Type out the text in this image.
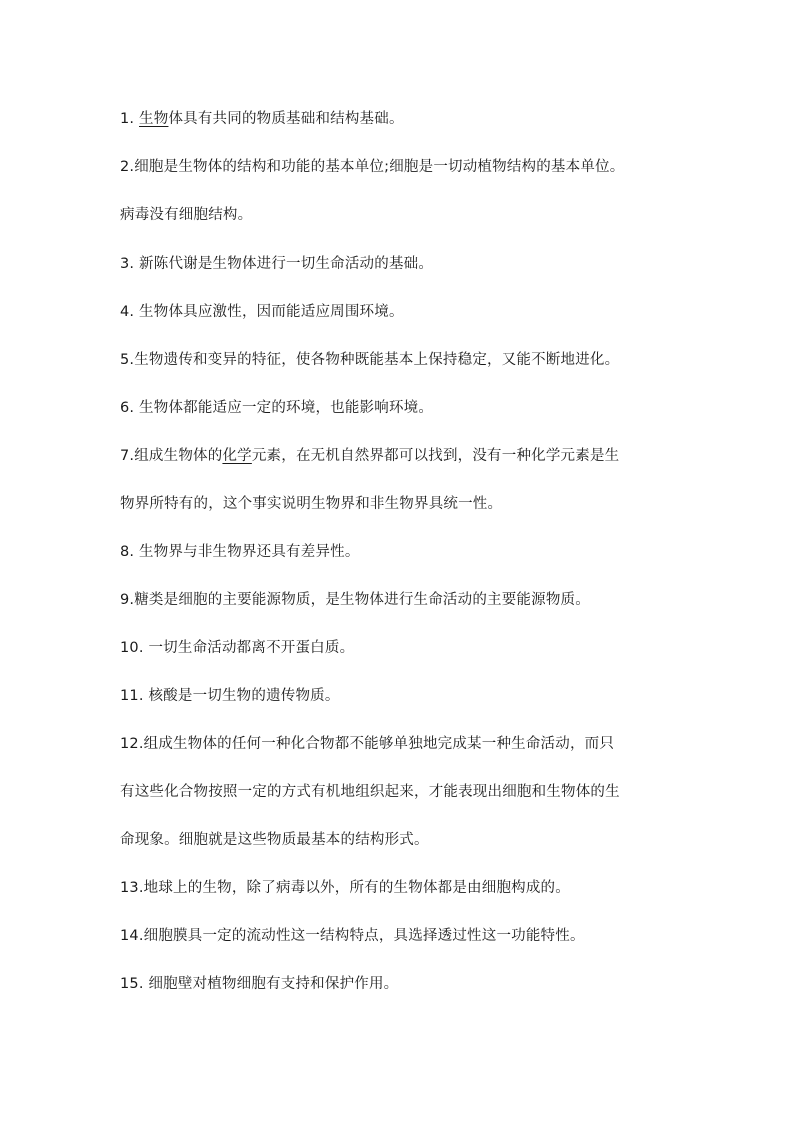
1. 生物体具有共同的物质基础和结构基础。
2.细胞是生物体的结构和功能的基本单位;细胞是一切动植物结构的基本单位。
病毒没有细胞结构。
3. 新陈代谢是生物体进行一切生命活动的基础。
4. 生物体具应激性，因而能适应周围环境。
5.生物遗传和变异的特征，使各物种既能基本上保持稳定，又能不断地进化。
6. 生物体都能适应一定的环境，也能影响环境。
7.组成生物体的化学元素，在无机自然界都可以找到，没有一种化学元素是生
物界所特有的，这个事实说明生物界和非生物界具统一性。
8. 生物界与非生物界还具有差异性。
9.糖类是细胞的主要能源物质，是生物体进行生命活动的主要能源物质。
10. 一切生命活动都离不开蛋白质。
11. 核酸是一切生物的遗传物质。
12.组成生物体的任何一种化合物都不能够单独地完成某一种生命活动，而只
有这些化合物按照一定的方式有机地组织起来，才能表现出细胞和生物体的生
命现象。细胞就是这些物质最基本的结构形式。
13.地球上的生物，除了病毒以外，所有的生物体都是由细胞构成的。
14.细胞膜具一定的流动性这一结构特点，具选择透过性这一功能特性。
15. 细胞壁对植物细胞有支持和保护作用。
